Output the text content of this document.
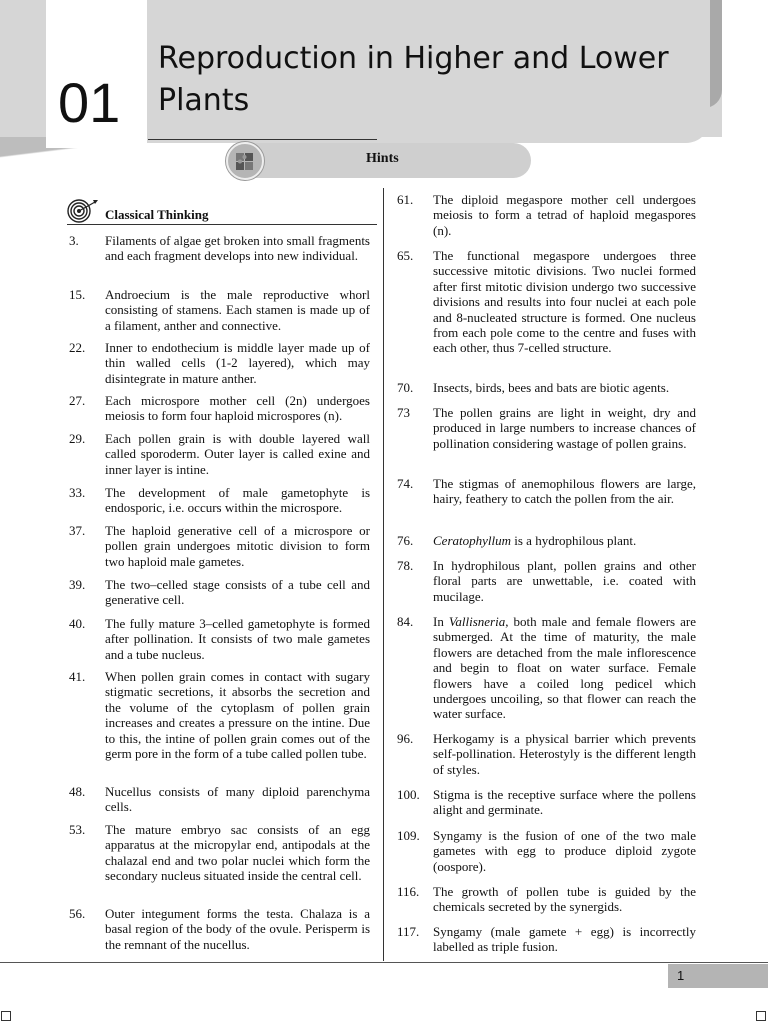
01
Reproduction in Higher and Lower
Plants
Hints
Classical Thinking
3. Filaments of algae get broken into small fragments and each fragment develops into new individual.
15. Androecium is the male reproductive whorl consisting of stamens. Each stamen is made up of a filament, anther and connective.
22. Inner to endothecium is middle layer made up of thin walled cells (1-2 layered), which may disintegrate in mature anther.
27. Each microspore mother cell (2n) undergoes meiosis to form four haploid microspores (n).
29. Each pollen grain is with double layered wall called sporoderm. Outer layer is called exine and inner layer is intine.
33. The development of male gametophyte is endosporic, i.e. occurs within the microspore.
37. The haploid generative cell of a microspore or pollen grain undergoes mitotic division to form two haploid male gametes.
39. The two–celled stage consists of a tube cell and generative cell.
40. The fully mature 3–celled gametophyte is formed after pollination. It consists of two male gametes and a tube nucleus.
41. When pollen grain comes in contact with sugary stigmatic secretions, it absorbs the secretion and the volume of the cytoplasm of pollen grain increases and creates a pressure on the intine. Due to this, the intine of pollen grain comes out of the germ pore in the form of a tube called pollen tube.
48. Nucellus consists of many diploid parenchyma cells.
53. The mature embryo sac consists of an egg apparatus at the micropylar end, antipodals at the chalazal end and two polar nuclei which form the secondary nucleus situated inside the central cell.
56. Outer integument forms the testa. Chalaza is a basal region of the body of the ovule. Perisperm is the remnant of the nucellus.
61. The diploid megaspore mother cell undergoes meiosis to form a tetrad of haploid megaspores (n).
65. The functional megaspore undergoes three successive mitotic divisions. Two nuclei formed after first mitotic division undergo two successive divisions and results into four nuclei at each pole and 8-nucleated structure is formed. One nucleus from each pole come to the centre and fuses with each other, thus 7-celled structure.
70. Insects, birds, bees and bats are biotic agents.
73 The pollen grains are light in weight, dry and produced in large numbers to increase chances of pollination considering wastage of pollen grains.
74. The stigmas of anemophilous flowers are large, hairy, feathery to catch the pollen from the air.
76. Ceratophyllum is a hydrophilous plant.
78. In hydrophilous plant, pollen grains and other floral parts are unwettable, i.e. coated with mucilage.
84. In Vallisneria, both male and female flowers are submerged. At the time of maturity, the male flowers are detached from the male inflorescence and begin to float on water surface. Female flowers have a coiled long pedicel which undergoes uncoiling, so that flower can reach the water surface.
96. Herkogamy is a physical barrier which prevents self-pollination. Heterostyly is the different length of styles.
100. Stigma is the receptive surface where the pollens alight and germinate.
109. Syngamy is the fusion of one of the two male gametes with egg to produce diploid zygote (oospore).
116. The growth of pollen tube is guided by the chemicals secreted by the synergids.
117. Syngamy (male gamete + egg) is incorrectly labelled as triple fusion.
1
